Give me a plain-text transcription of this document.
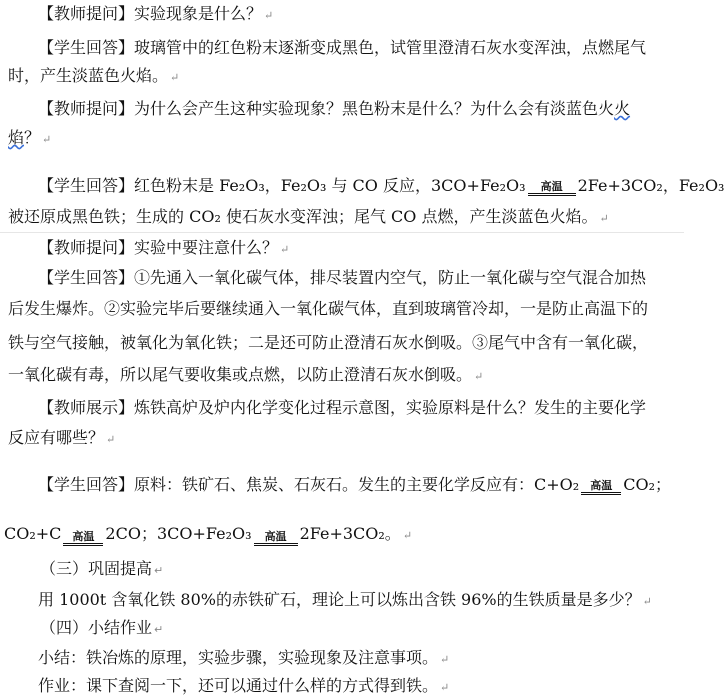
【教师提问】实验现象是什么？ ↵
【学生回答】玻璃管中的红色粉末逐渐变成黑色，试管里澄清石灰水变浑浊，点燃尾气
时，产生淡蓝色火焰。 ↵
【教师提问】为什么会产生这种实验现象？黑色粉末是什么？为什么会有淡蓝色火火
焰？ ↵
【学生回答】红色粉末是 Fe₂O₃，Fe₂O₃ 与 CO 反应，3CO+Fe₂O₃	高温 2Fe+3CO₂，Fe₂O₃
被还原成黑色铁；生成的 CO₂ 使石灰水变浑浊；尾气 CO 点燃，产生淡蓝色火焰。 ↵
【教师提问】实验中要注意什么？ ↵
【学生回答】①先通入一氧化碳气体，排尽装置内空气，防止一氧化碳与空气混合加热
后发生爆炸。②实验完毕后要继续通入一氧化碳气体，直到玻璃管冷却，一是防止高温下的
铁与空气接触，被氧化为氧化铁；二是还可防止澄清石灰水倒吸。③尾气中含有一氧化碳，
一氧化碳有毒，所以尾气要收集或点燃，以防止澄清石灰水倒吸。 ↵
【教师展示】炼铁高炉及炉内化学变化过程示意图，实验原料是什么？发生的主要化学
反应有哪些？ ↵
【学生回答】原料：铁矿石、焦炭、石灰石。发生的主要化学反应有：C+O₂	高温 CO₂；
CO₂+C	高温 2CO；3CO+Fe₂O₃	高温 2Fe+3CO₂。 ↵
（三）巩固提高 ↵
用 1000t 含氧化铁 80%的赤铁矿石，理论上可以炼出含铁 96%的生铁质量是多少？ ↵
（四）小结作业 ↵
小结：铁冶炼的原理，实验步骤，实验现象及注意事项。 ↵
作业：课下查阅一下，还可以通过什么样的方式得到铁。 ↵
